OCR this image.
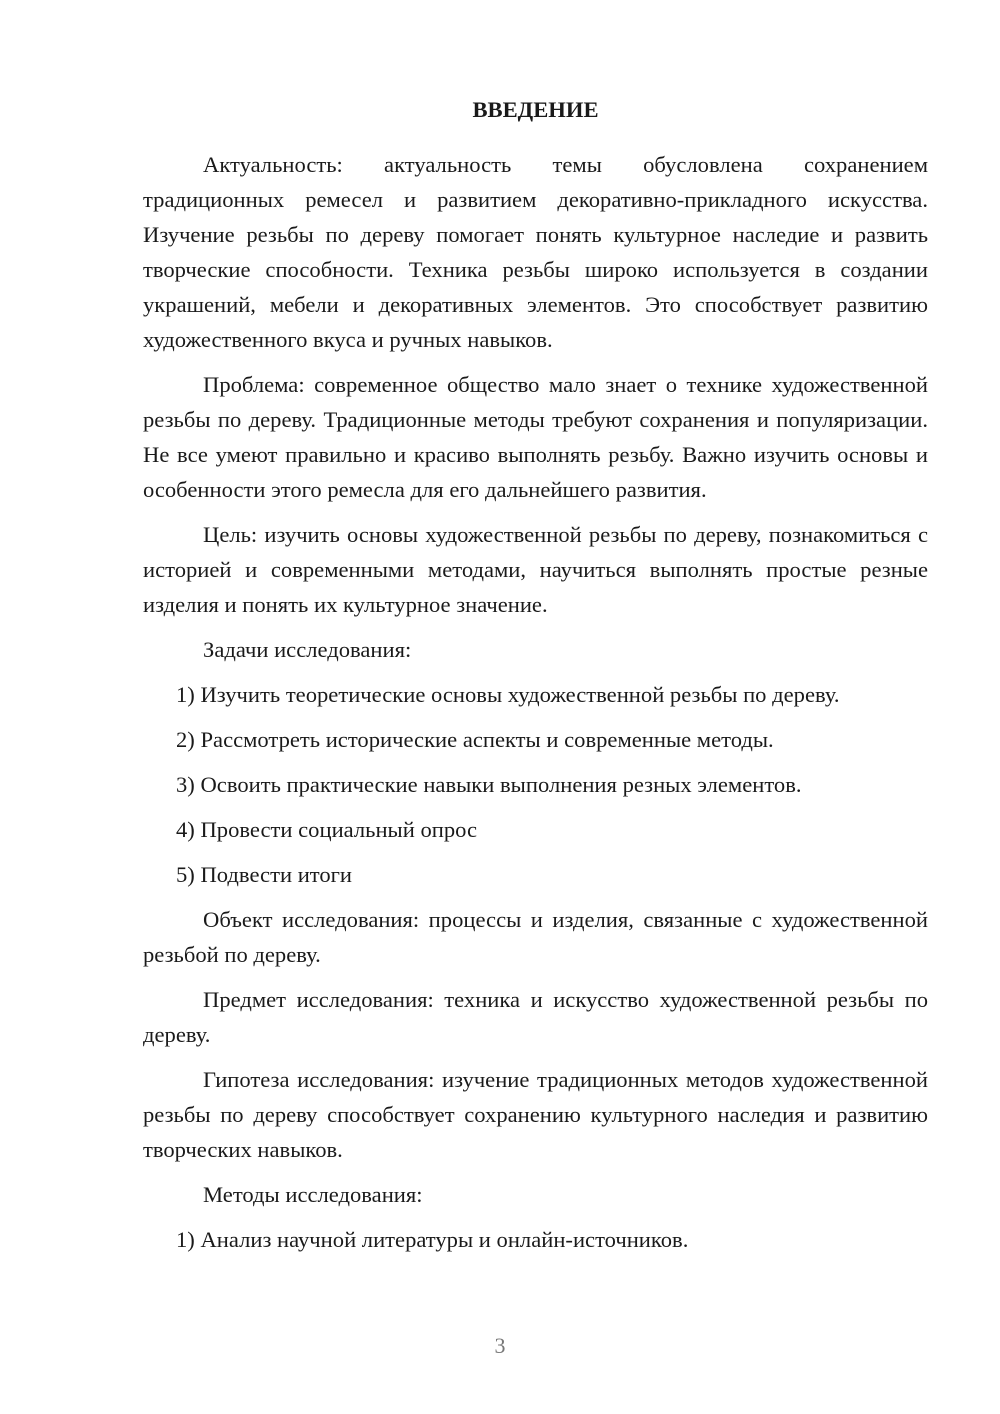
ВВЕДЕНИЕ

Актуальность: актуальность темы обусловлена сохранением традиционных ремесел и развитием декоративно-прикладного искусства. Изучение резьбы по дереву помогает понять культурное наследие и развить творческие способности. Техника резьбы широко используется в создании украшений, мебели и декоративных элементов. Это способствует развитию художественного вкуса и ручных навыков.

Проблема: современное общество мало знает о технике художественной резьбы по дереву. Традиционные методы требуют сохранения и популяризации. Не все умеют правильно и красиво выполнять резьбу. Важно изучить основы и особенности этого ремесла для его дальнейшего развития.

Цель: изучить основы художественной резьбы по дереву, познакомиться с историей и современными методами, научиться выполнять простые резные изделия и понять их культурное значение.

Задачи исследования:

1) Изучить теоретические основы художественной резьбы по дереву.
2) Рассмотреть исторические аспекты и современные методы.
3) Освоить практические навыки выполнения резных элементов.
4) Провести социальный опрос
5) Подвести итоги

Объект исследования: процессы и изделия, связанные с художественной резьбой по дереву.

Предмет исследования: техника и искусство художественной резьбы по дереву.

Гипотеза исследования: изучение традиционных методов художественной резьбы по дереву способствует сохранению культурного наследия и развитию творческих навыков.

Методы исследования:

1) Анализ научной литературы и онлайн-источников.
3
